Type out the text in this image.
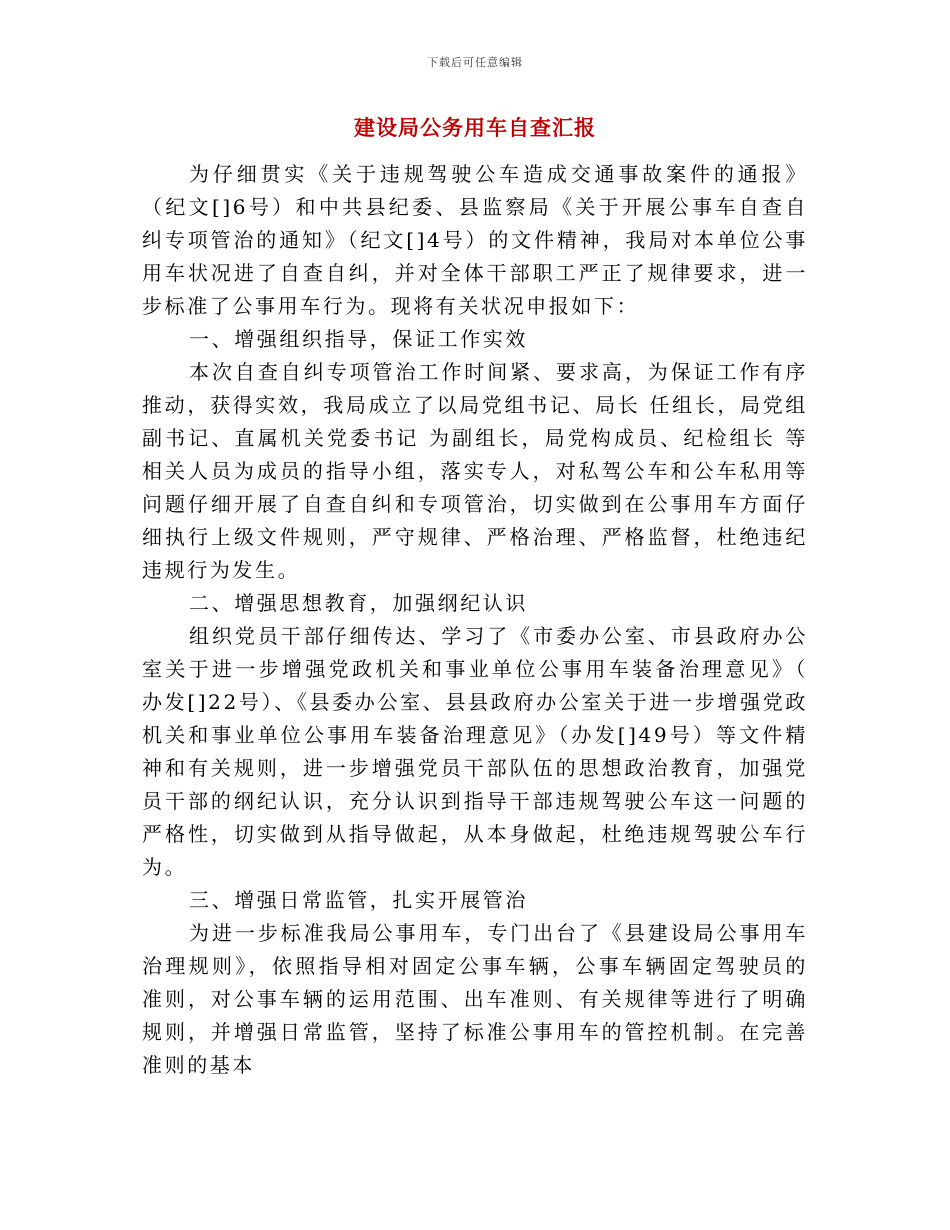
下载后可任意编辑
建设局公务用车自查汇报

为仔细贯实《关于违规驾驶公车造成交通事故案件的通报》（纪文[]6号）和中共县纪委、县监察局《关于开展公事车自查自纠专项管治的通知》（纪文[]4号）的文件精神，我局对本单位公事用车状况进了自查自纠，并对全体干部职工严正了规律要求，进一步标准了公事用车行为。现将有关状况申报如下：

一、增强组织指导，保证工作实效

本次自查自纠专项管治工作时间紧、要求高，为保证工作有序推动，获得实效，我局成立了以局党组书记、局长 任组长，局党组副书记、直属机关党委书记 为副组长，局党构成员、纪检组长 等相关人员为成员的指导小组，落实专人，对私驾公车和公车私用等问题仔细开展了自查自纠和专项管治，切实做到在公事用车方面仔细执行上级文件规则，严守规律、严格治理、严格监督，杜绝违纪违规行为发生。

二、增强思想教育，加强纲纪认识

组织党员干部仔细传达、学习了《市委办公室、市县政府办公室关于进一步增强党政机关和事业单位公事用车装备治理意见》（ 办发[]22号）、《县委办公室、县县政府办公室关于进一步增强党政机关和事业单位公事用车装备治理意见》（办发[]49号）等文件精神和有关规则，进一步增强党员干部队伍的思想政治教育，加强党员干部的纲纪认识，充分认识到指导干部违规驾驶公车这一问题的严格性，切实做到从指导做起，从本身做起，杜绝违规驾驶公车行为。

三、增强日常监管，扎实开展管治

为进一步标准我局公事用车，专门出台了《县建设局公事用车治理规则》，依照指导相对固定公事车辆，公事车辆固定驾驶员的准则，对公事车辆的运用范围、出车准则、有关规律等进行了明确规则，并增强日常监管，坚持了标准公事用车的管控机制。在完善准则的基本
